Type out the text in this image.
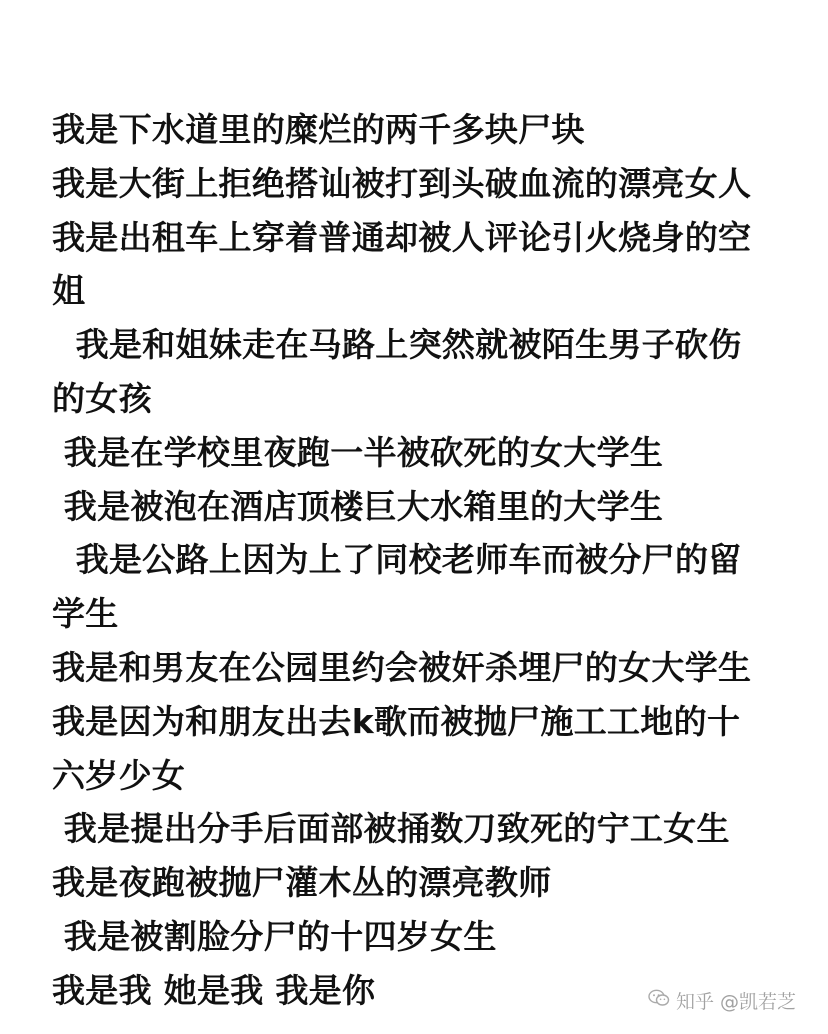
我是下水道里的糜烂的两千多块尸块
我是大街上拒绝搭讪被打到头破血流的漂亮女人
我是出租车上穿着普通却被人评论引火烧身的空
姐
我是和姐妹走在马路上突然就被陌生男子砍伤
的女孩
我是在学校里夜跑一半被砍死的女大学生
我是被泡在酒店顶楼巨大水箱里的大学生
我是公路上因为上了同校老师车而被分尸的留
学生
我是和男友在公园里约会被奸杀埋尸的女大学生
我是因为和朋友出去k歌而被抛尸施工工地的十
六岁少女
我是提出分手后面部被捅数刀致死的宁工女生
我是夜跑被抛尸灌木丛的漂亮教师
我是被割脸分尸的十四岁女生
我是我 她是我 我是你	知乎 @凯若芝
